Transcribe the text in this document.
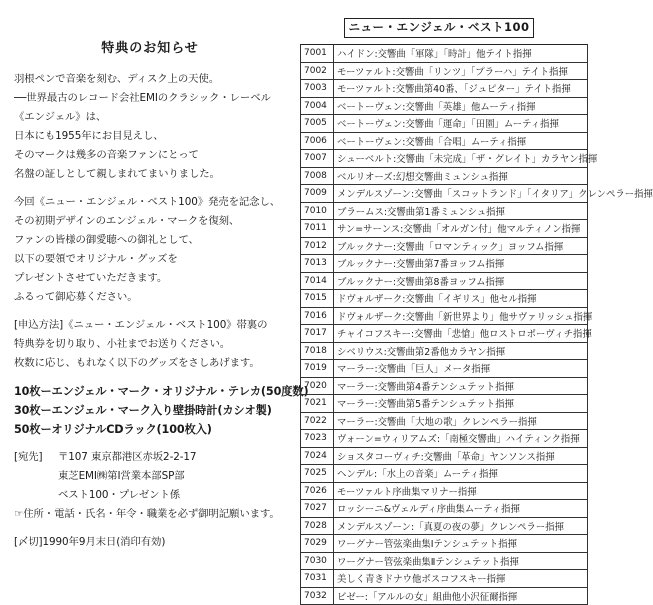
特典のお知らせ

羽根ペンで音楽を刻む、ディスク上の天使。

──世界最古のレコード会社EMIのクラシック・レーベル

《エンジェル》は、

日本にも1955年にお目見えし、

そのマークは幾多の音楽ファンにとって

名盤の証しとして親しまれてまいりました。

今回《ニュー・エンジェル・ベスト100》発売を記念し、

その初期デザインのエンジェル・マークを復刻、

ファンの皆様の御愛聴への御礼として、

以下の要領でオリジナル・グッズを

プレゼントさせていただきます。

ふるって御応募ください。

[申込方法]《ニュー・エンジェル・ベスト100》帯裏の

特典券を切り取り、小社までお送りください。

枚数に応じ、もれなく以下のグッズをさしあげます。

10枚ーエンジェル・マーク・オリジナル・テレカ(50度数)

30枚ーエンジェル・マーク入り壁掛時計(カシオ製)

50枚ーオリジナルCDラック(100枚入)

[宛先]	〒107 東京都港区赤坂2-2-17

東芝EMI㈱第Ⅰ営業本部SP部

ベスト100・プレゼント係

☞住所・電話・氏名・年令・職業を必ず御明記願います。

[〆切]1990年9月末日(消印有効)

ニュー・エンジェル・ベスト100
7001	ハイドン:交響曲「軍隊」「時計」他テイト指揮
7002	モーツァルト:交響曲「リンツ」「プラーハ」テイト指揮
7003	モーツァルト:交響曲第40番、「ジュピター」テイト指揮
7004	ベートーヴェン:交響曲「英雄」他ムーティ指揮
7005	ベートーヴェン:交響曲「運命」「田園」ムーティ指揮
7006	ベートーヴェン:交響曲「合唱」ムーティ指揮
7007	シューベルト:交響曲「未完成」「ザ・グレイト」カラヤン指揮
7008	ベルリオーズ:幻想交響曲ミュンシュ指揮
7009	メンデルスゾーン:交響曲「スコットランド」「イタリア」クレンペラー指揮
7010	ブラームス:交響曲第1番ミュンシュ指揮
7011	サン=サーンス:交響曲「オルガン付」他マルティノン指揮
7012	ブルックナー:交響曲「ロマンティック」ヨッフム指揮
7013	ブルックナー:交響曲第7番ヨッフム指揮
7014	ブルックナー:交響曲第8番ヨッフム指揮
7015	ドヴォルザーク:交響曲「イギリス」他セル指揮
7016	ドヴォルザーク:交響曲「新世界より」他サヴァリッシュ指揮
7017	チャイコフスキー:交響曲「悲愴」他ロストロポーヴィチ指揮
7018	シベリウス:交響曲第2番他カラヤン指揮
7019	マーラー:交響曲「巨人」メータ指揮
7020	マーラー:交響曲第4番テンシュテット指揮
7021	マーラー:交響曲第5番テンシュテット指揮
7022	マーラー:交響曲「大地の歌」クレンペラー指揮
7023	ヴォーン=ウィリアムズ:「南極交響曲」ハイティンク指揮
7024	ショスタコーヴィチ:交響曲「革命」ヤンソンス指揮
7025	ヘンデル:「水上の音楽」ムーティ指揮
7026	モーツァルト序曲集マリナー指揮
7027	ロッシーニ&ヴェルディ序曲集ムーティ指揮
7028	メンデルスゾーン:「真夏の夜の夢」クレンペラー指揮
7029	ワーグナー管弦楽曲集Ⅰテンシュテット指揮
7030	ワーグナー管弦楽曲集Ⅱテンシュテット指揮
7031	美しく青きドナウ他ボスコフスキー指揮
7032	ビゼー:「アルルの女」組曲他小沢征爾指揮
